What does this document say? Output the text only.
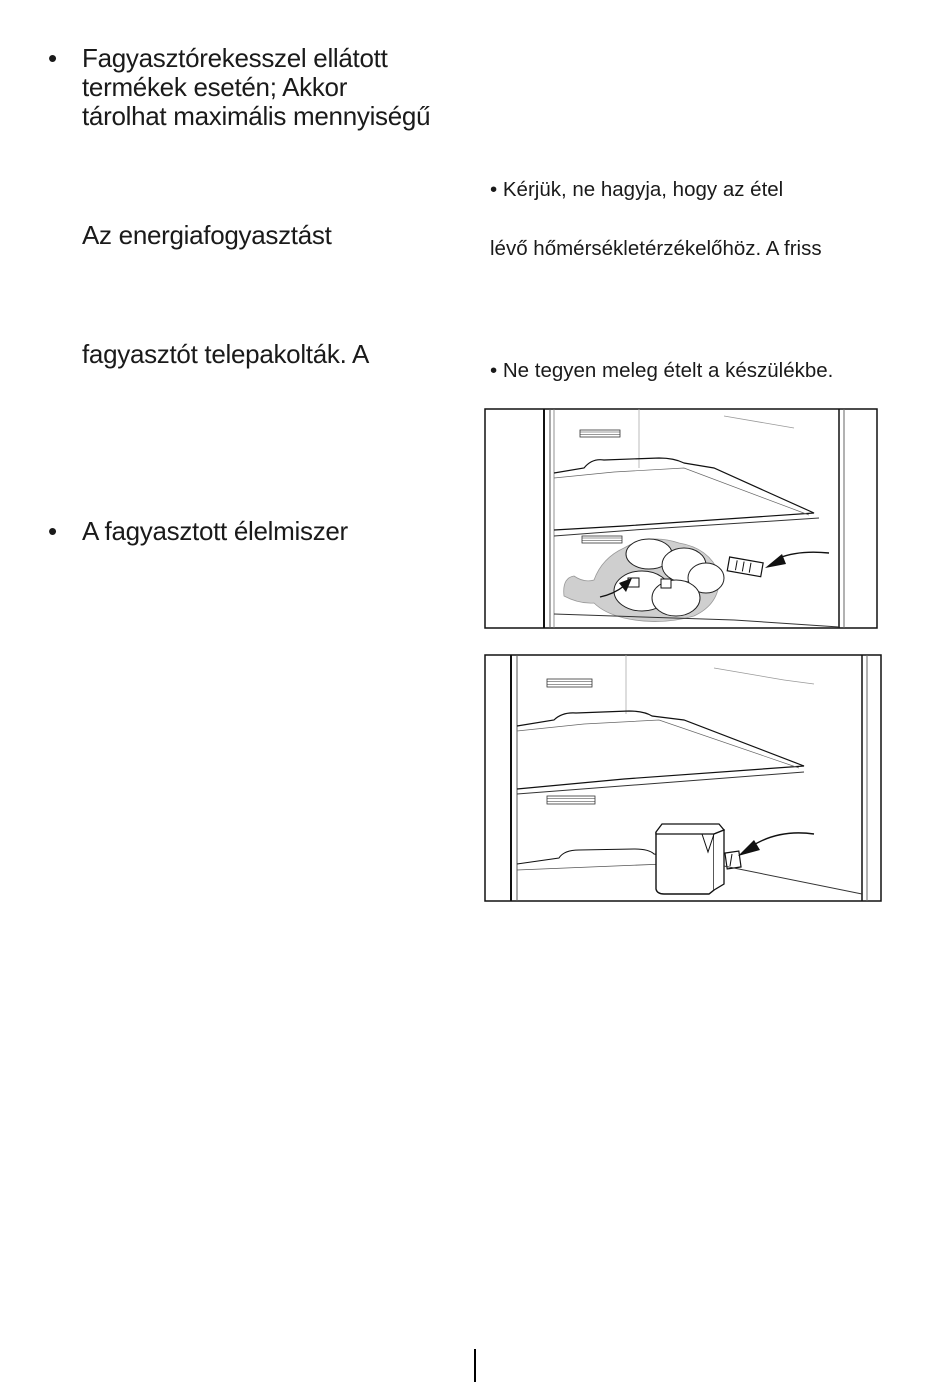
• Fagyasztórekesszel ellátott
termékek esetén; Akkor
tárolhat maximális mennyiségű
Az energiafogyasztást
fagyasztót telepakolták. A
• A fagyasztott élelmiszer
• Kérjük, ne hagyja, hogy az étel
lévő hőmérsékletérzékelőhöz. A friss
• Ne tegyen meleg ételt a készülékbe.
